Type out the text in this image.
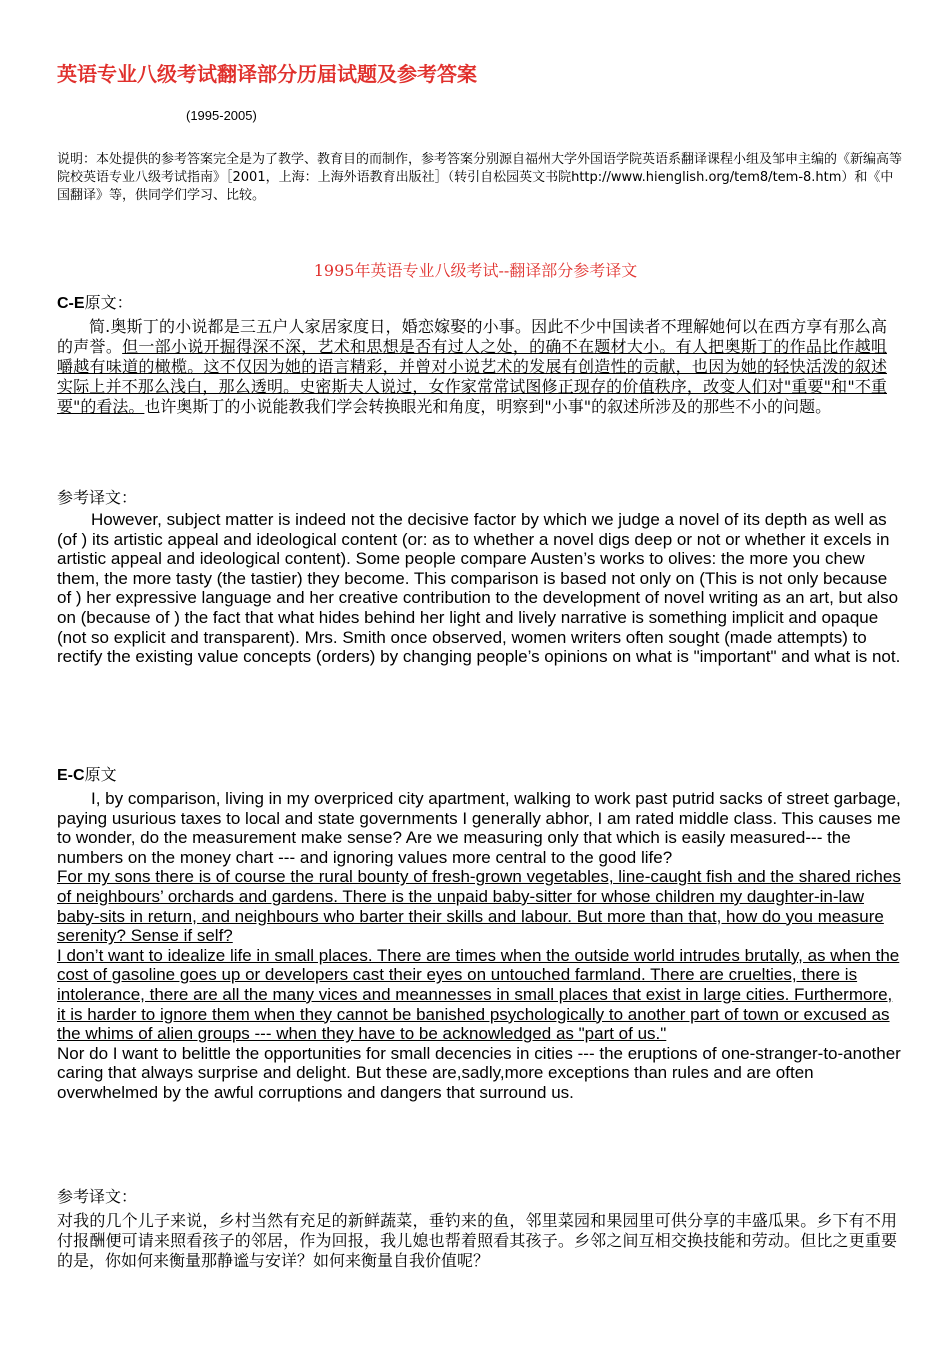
英语专业八级考试翻译部分历届试题及参考答案
(1995-2005)
说明：本处提供的参考答案完全是为了教学、教育目的而制作，参考答案分别源自福州大学外国语学院英语系翻译课程小组及邹申主编的《新编高等院校英语专业八级考试指南》［2001，上海：上海外语教育出版社］（转引自松园英文书院http://www.hienglish.org/tem8/tem-8.htm）和《中国翻译》等，供同学们学习、比较。
1995年英语专业八级考试--翻译部分参考译文
C-E原文：
简.奥斯丁的小说都是三五户人家居家度日，婚恋嫁娶的小事。因此不少中国读者不理解她何以在西方享有那么高的声誉。但一部小说开掘得深不深，艺术和思想是否有过人之处，的确不在题材大小。有人把奥斯丁的作品比作越咀嚼越有味道的橄榄。这不仅因为她的语言精彩，并曾对小说艺术的发展有创造性的贡献，也因为她的轻快活泼的叙述实际上并不那么浅白，那么透明。史密斯夫人说过，女作家常常试图修正现存的价值秩序，改变人们对"重要"和"不重要"的看法。也许奥斯丁的小说能教我们学会转换眼光和角度，明察到"小事"的叙述所涉及的那些不小的问题。
参考译文：

However, subject matter is indeed not the decisive factor by which we judge a novel of its depth as well as (of ) its artistic appeal and ideological content (or: as to whether a novel digs deep or not or whether it excels in artistic appeal and ideological content). Some people compare Austen’s works to olives: the more you chew them, the more tasty (the tastier) they become. This comparison is based not only on (This is not only because of ) her expressive language and her creative contribution to the development of novel writing as an art, but also on (because of ) the fact that what hides behind her light and lively narrative is something implicit and opaque (not so explicit and transparent). Mrs. Smith once observed, women writers often sought (made attempts) to rectify the existing value concepts (orders) by changing people’s opinions on what is "important" and what is not.

E-C原文

I, by comparison, living in my overpriced city apartment, walking to work past putrid sacks of street garbage, paying usurious taxes to local and state governments I generally abhor, I am rated middle class. This causes me to wonder, do the measurement make sense? Are we measuring only that which is easily measured--- the numbers on the money chart --- and ignoring values more central to the good life?

For my sons there is of course the rural bounty of fresh-grown vegetables, line-caught fish and the shared riches of neighbours’ orchards and gardens. There is the unpaid baby-sitter for whose children my daughter-in-law baby-sits in return, and neighbours who barter their skills and labour. But more than that, how do you measure serenity? Sense if self?

I don’t want to idealize life in small places. There are times when the outside world intrudes brutally, as when the cost of gasoline goes up or developers cast their eyes on untouched farmland. There are cruelties, there is intolerance, there are all the many vices and meannesses in small places that exist in large cities. Furthermore, it is harder to ignore them when they cannot be banished psychologically to another part of town or excused as the whims of alien groups --- when they have to be acknowledged as "part of us."

Nor do I want to belittle the opportunities for small decencies in cities --- the eruptions of one-stranger-to-another caring that always surprise and delight. But these are,sadly,more exceptions than rules and are often overwhelmed by the awful corruptions and dangers that surround us.

参考译文：
对我的几个儿子来说，乡村当然有充足的新鲜蔬菜，垂钓来的鱼，邻里菜园和果园里可供分享的丰盛瓜果。乡下有不用付报酬便可请来照看孩子的邻居，作为回报，我儿媳也帮着照看其孩子。乡邻之间互相交换技能和劳动。但比之更重要的是，你如何来衡量那静谧与安详？如何来衡量自我价值呢？
